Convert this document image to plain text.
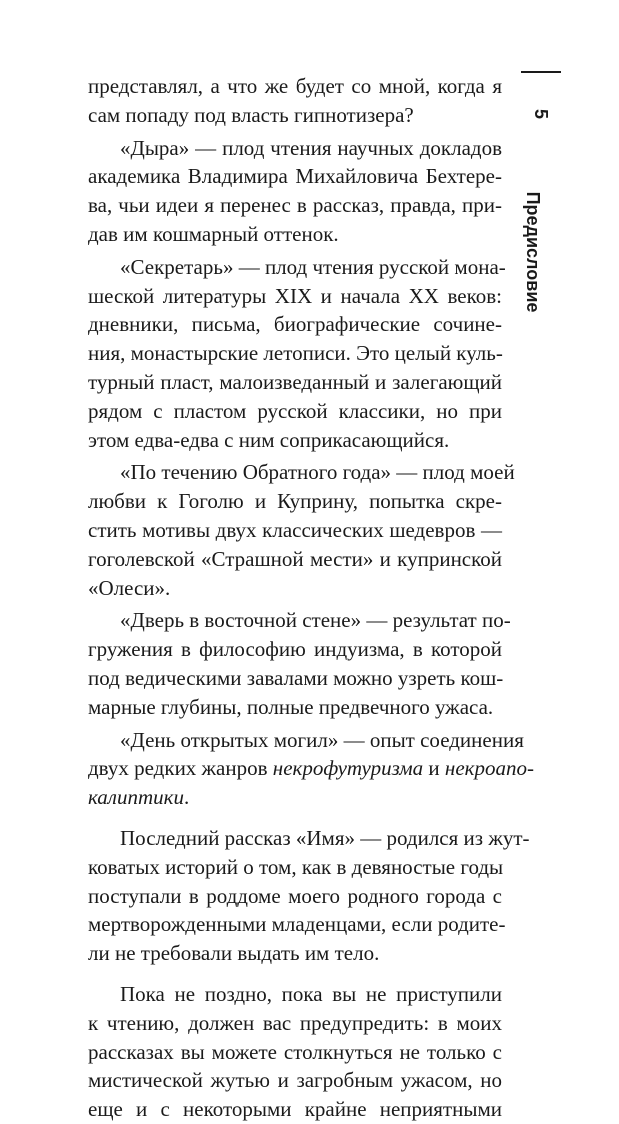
5
Предисловие
представлял, а что же будет со мной, когда я
сам попаду под власть гипнотизера?
«Дыра» — плод чтения научных докладов
академика Владимира Михайловича Бехтере-
ва, чьи идеи я перенес в рассказ, правда, при-
дав им кошмарный оттенок.
«Секретарь» — плод чтения русской мона-
шеской литературы XIX и начала XX веков:
дневники, письма, биографические сочине-
ния, монастырские летописи. Это целый куль-
турный пласт, малоизведанный и залегающий
рядом с пластом русской классики, но при
этом едва-едва с ним соприкасающийся.
«По течению Обратного года» — плод моей
любви к Гоголю и Куприну, попытка скре-
стить мотивы двух классических шедевров —
гоголевской «Страшной мести» и купринской
«Олеси».
«Дверь в восточной стене» — результат по-
гружения в философию индуизма, в которой
под ведическими завалами можно узреть кош-
марные глубины, полные предвечного ужаса.
«День открытых могил» — опыт соединения
двух редких жанров некрофутуризма и некроапо-
калиптики.
Последний рассказ «Имя» — родился из жут-
коватых историй о том, как в девяностые годы
поступали в роддоме моего родного города с
мертворожденными младенцами, если родите-
ли не требовали выдать им тело.
Пока не поздно, пока вы не приступили
к чтению, должен вас предупредить: в моих
рассказах вы можете столкнуться не только с
мистической жутью и загробным ужасом, но
еще и с некоторыми крайне неприятными
